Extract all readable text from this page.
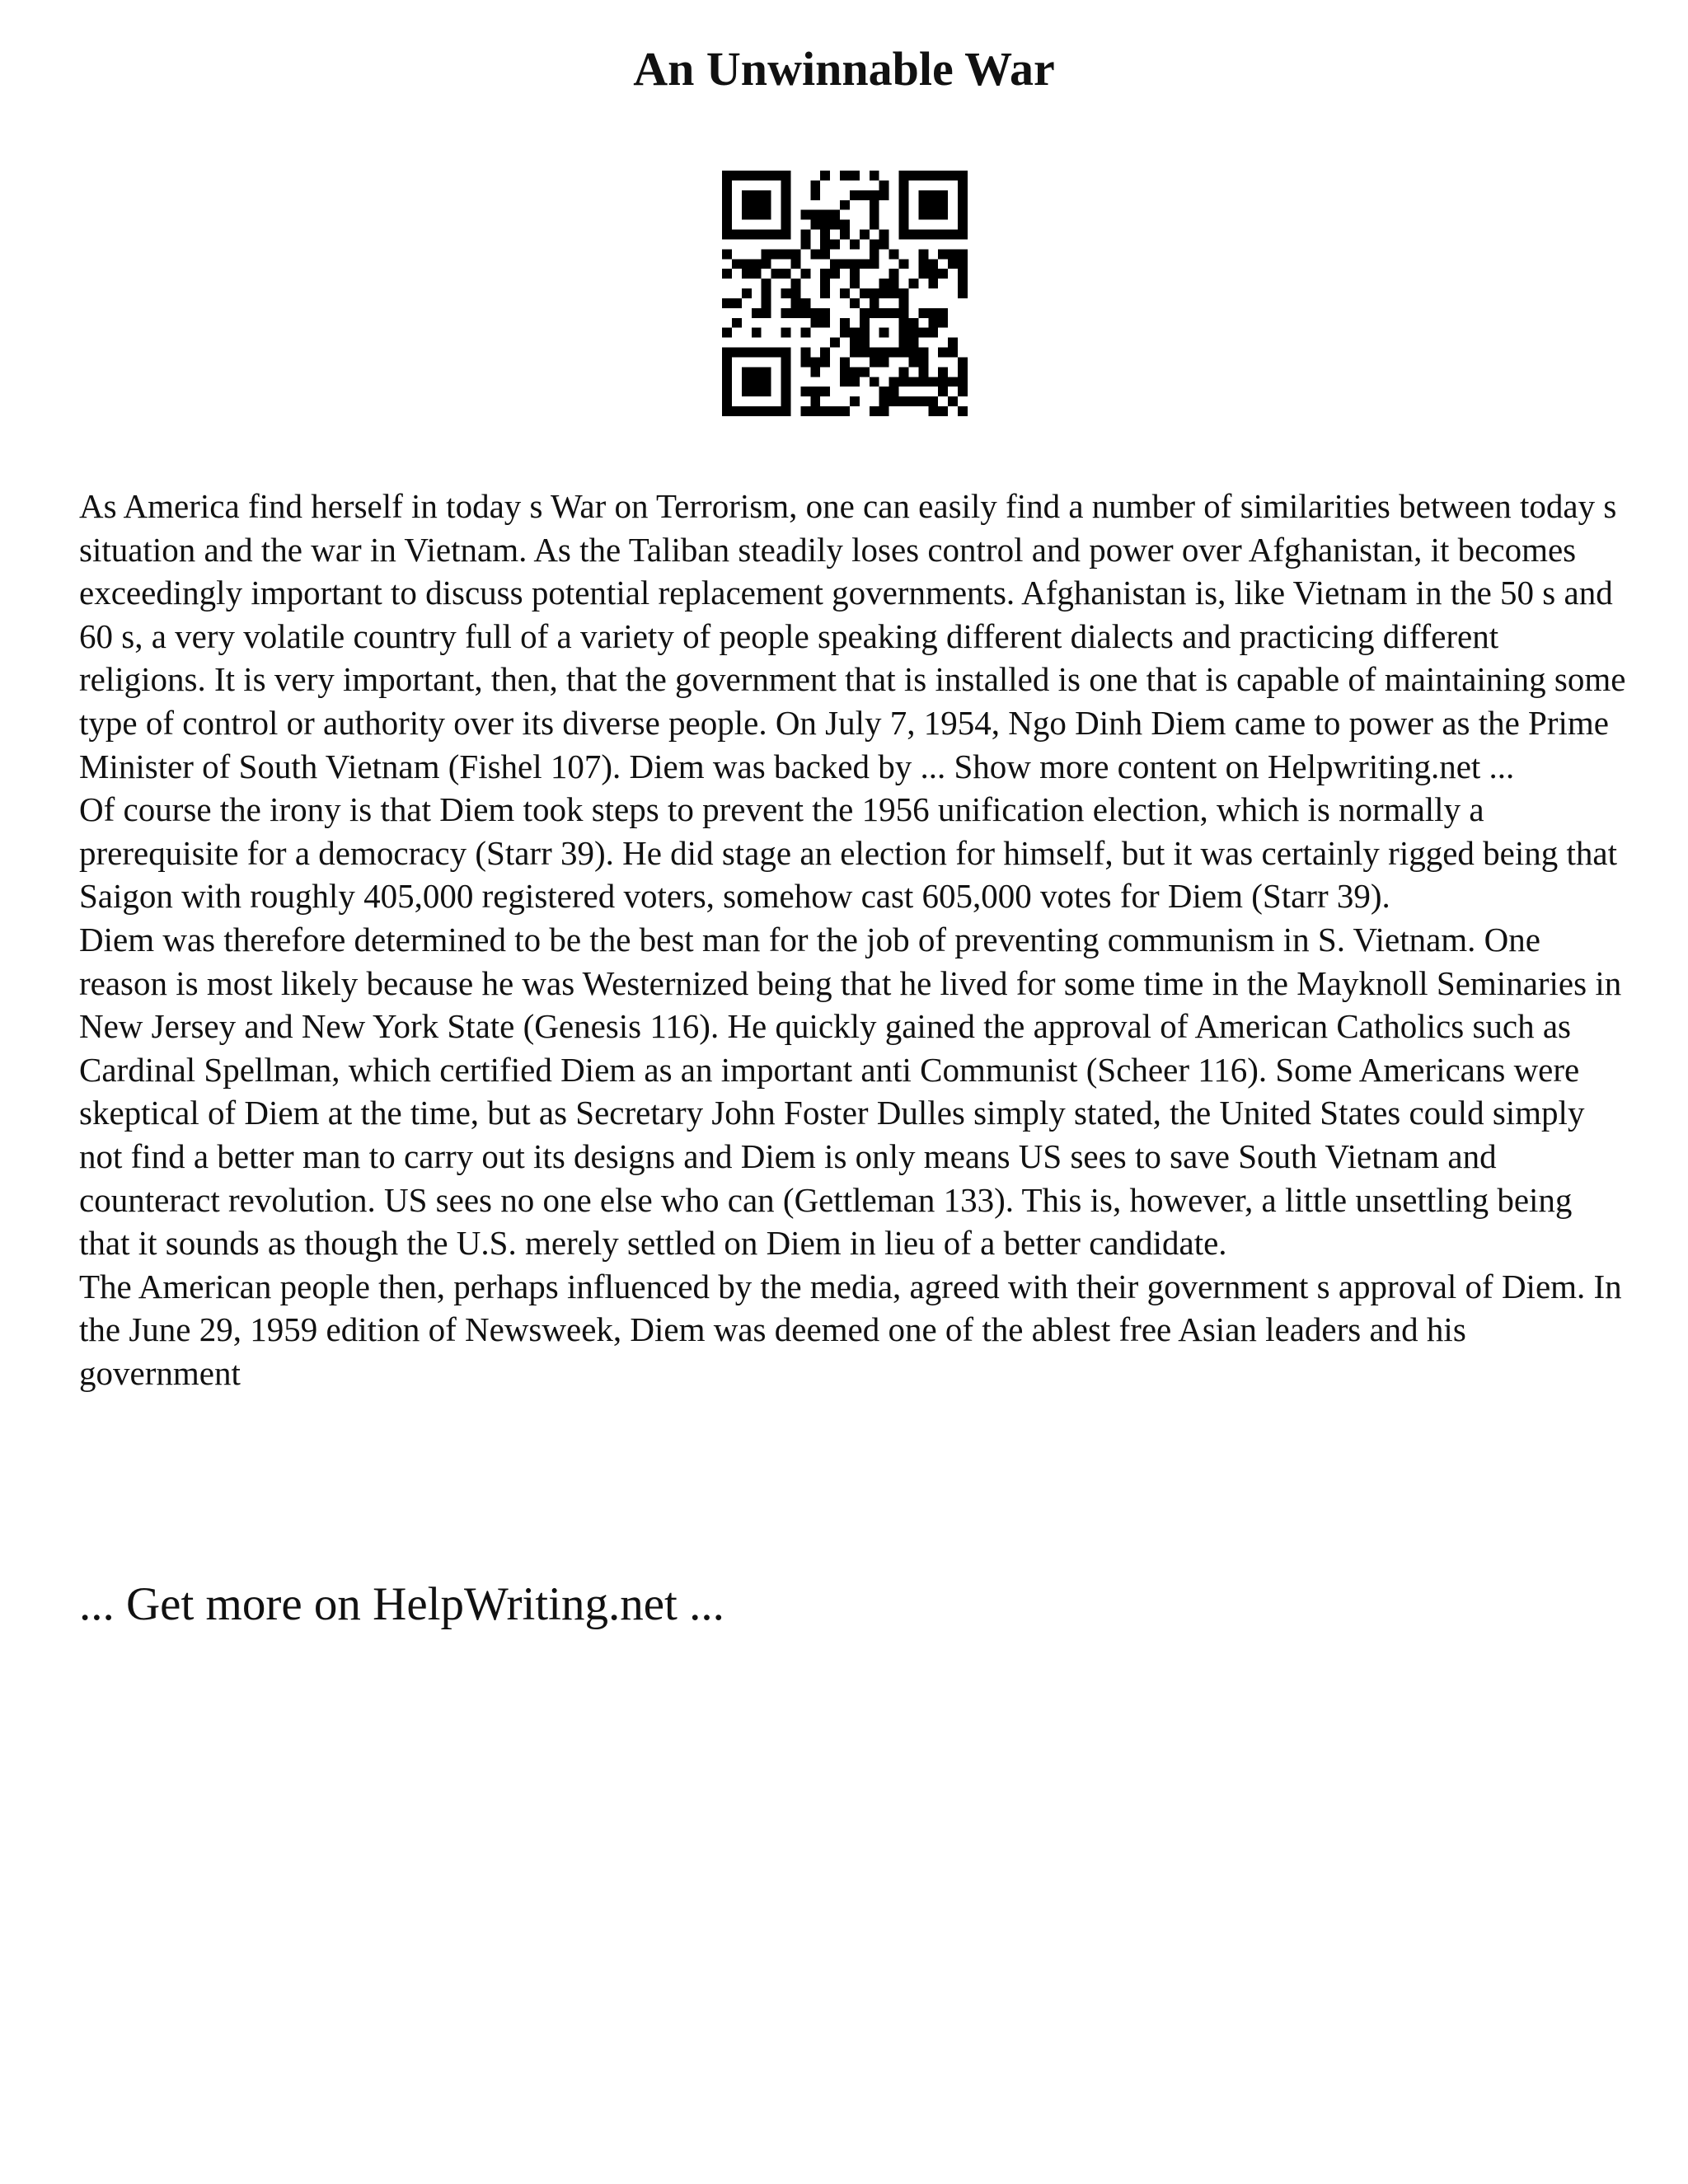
An Unwinnable War

As America find herself in today s War on Terrorism, one can easily find a number of similarities between today s situation and the war in Vietnam. As the Taliban steadily loses control and power over Afghanistan, it becomes exceedingly important to discuss potential replacement governments. Afghanistan is, like Vietnam in the 50 s and 60 s, a very volatile country full of a variety of people speaking different dialects and practicing different religions. It is very important, then, that the government that is installed is one that is capable of maintaining some type of control or authority over its diverse people. On July 7, 1954, Ngo Dinh Diem came to power as the Prime Minister of South Vietnam (Fishel 107). Diem was backed by ... Show more content on Helpwriting.net ...

Of course the irony is that Diem took steps to prevent the 1956 unification election, which is normally a prerequisite for a democracy (Starr 39). He did stage an election for himself, but it was certainly rigged being that Saigon with roughly 405,000 registered voters, somehow cast 605,000 votes for Diem (Starr 39).

Diem was therefore determined to be the best man for the job of preventing communism in S. Vietnam. One reason is most likely because he was Westernized being that he lived for some time in the Mayknoll Seminaries in New Jersey and New York State (Genesis 116). He quickly gained the approval of American Catholics such as Cardinal Spellman, which certified Diem as an important anti Communist (Scheer 116). Some Americans were skeptical of Diem at the time, but as Secretary John Foster Dulles simply stated, the United States could simply not find a better man to carry out its designs and Diem is only means US sees to save South Vietnam and counteract revolution. US sees no one else who can (Gettleman 133). This is, however, a little unsettling being that it sounds as though the U.S. merely settled on Diem in lieu of a better candidate.

The American people then, perhaps influenced by the media, agreed with their government s approval of Diem. In the June 29, 1959 edition of Newsweek, Diem was deemed one of the ablest free Asian leaders and his government

... Get more on HelpWriting.net ...
